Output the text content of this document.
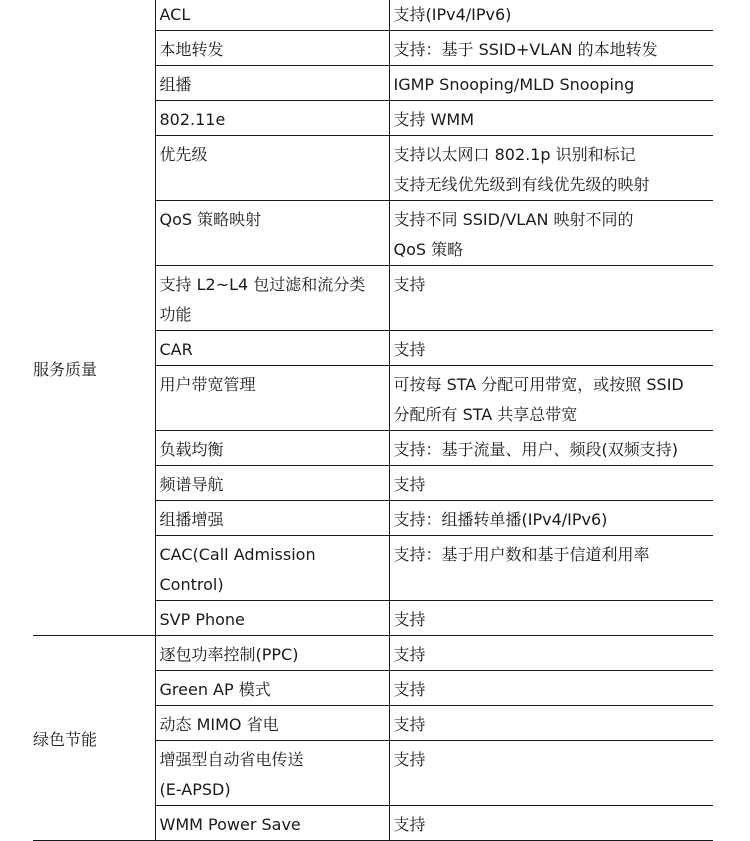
	ACL	支持(IPv4/IPv6)

	本地转发	支持：基于 SSID+VLAN 的本地转发

	组播	IGMP Snooping/MLD Snooping

服务质量	802.11e	支持 WMM

	优先级	支持以太网口 802.1p 识别和标记
支持无线优先级到有线优先级的映射

	QoS 策略映射	支持不同 SSID/VLAN 映射不同的
QoS 策略

	支持 L2~L4 包过滤和流分类
功能	支持

	CAR	支持

	用户带宽管理	可按每 STA 分配可用带宽，或按照 SSID
分配所有 STA 共享总带宽

	负载均衡	支持：基于流量、用户、频段(双频支持)

	频谱导航	支持

	组播增强	支持：组播转单播(IPv4/IPv6)

	CAC(Call Admission
Control)	支持：基于用户数和基于信道利用率

	SVP Phone	支持

绿色节能	逐包功率控制(PPC)	支持

	Green AP 模式	支持

	动态 MIMO 省电	支持

	增强型自动省电传送
(E-APSD)	支持

	WMM Power Save	支持
